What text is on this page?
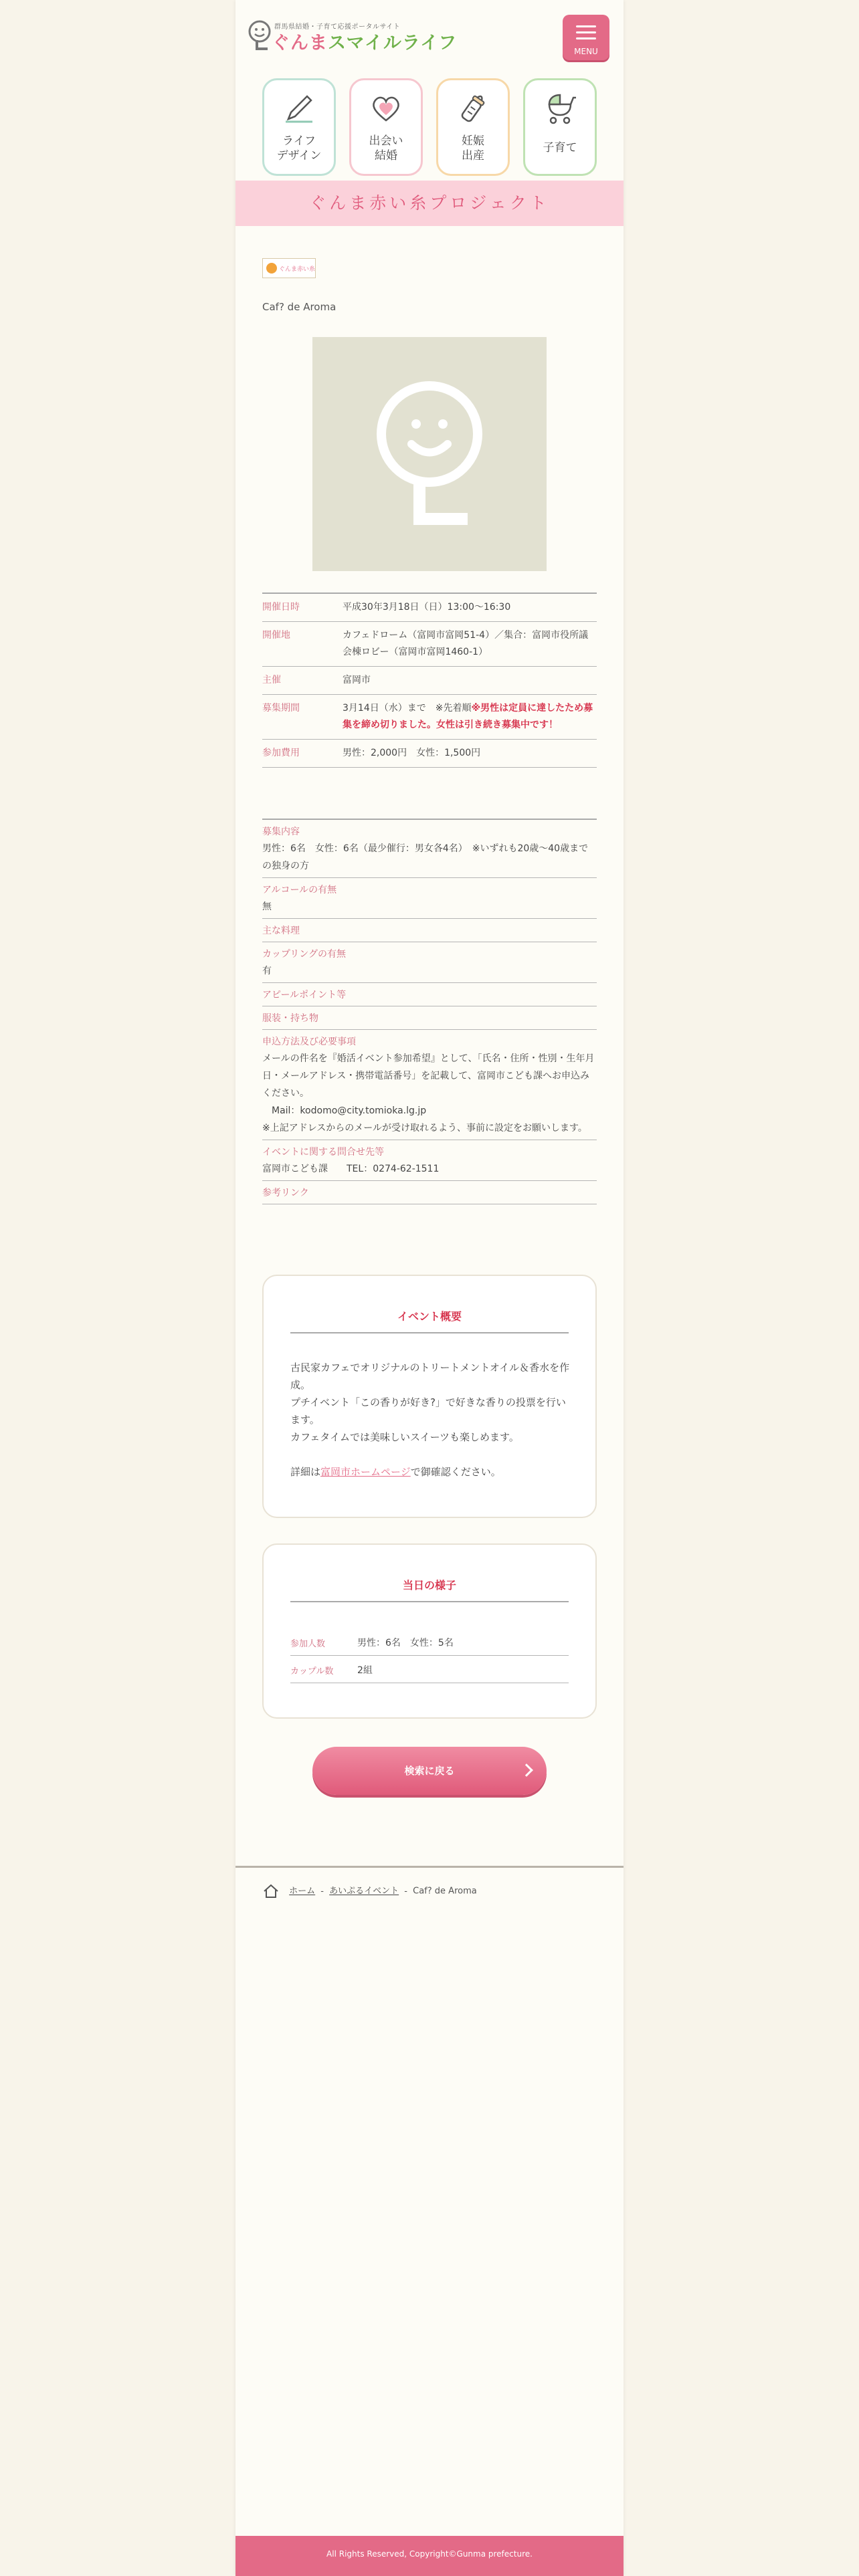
群馬県結婚・子育て応援ポータルサイト
ぐんまスマイルライフ	MENU
ライフ
デザイン
出会い
結婚
妊娠
出産
子育て
ぐんま赤い糸プロジェクト
ぐんま赤い糸
Caf? de Aroma
開催日時	平成30年3月18日（日）13:00〜16:30
開催地	カフェドローム（富岡市富岡51-4）／集合：富岡市役所議会棟ロビー（富岡市富岡1460-1）
主催	富岡市
募集期間	3月14日（水）まで　※先着順※男性は定員に達したため募集を締め切りました。女性は引き続き募集中です！
参加費用	男性：2,000円　女性：1,500円
募集内容
男性：6名　女性：6名（最少催行：男女各4名）　※いずれも20歳〜40歳までの独身の方
アルコールの有無
無
主な料理
カップリングの有無
有
アピールポイント等
服装・持ち物
申込方法及び必要事項
メールの件名を『婚活イベント参加希望』として、「氏名・住所・性別・生年月日・メールアドレス・携帯電話番号」を記載して、富岡市こども課へお申込みください。
　Mail：kodomo@city.tomioka.lg.jp
※上記アドレスからのメールが受け取れるよう、事前に設定をお願いします。
イベントに関する問合せ先等
富岡市こども課　　TEL：0274-62-1511
参考リンク
イベント概要

古民家カフェでオリジナルのトリートメントオイル＆香水を作成。

プチイベント「この香りが好き?」で好きな香りの投票を行います。

カフェタイムでは美味しいスイーツも楽しめます。

詳細は富岡市ホームページで御確認ください。

当日の様子
参加人数	男性：6名　女性：5名
カップル数	2組
検索に戻る
ホーム - あいぷるイベント - Caf? de Aroma
All Rights Reserved, Copyright©Gunma prefecture.
